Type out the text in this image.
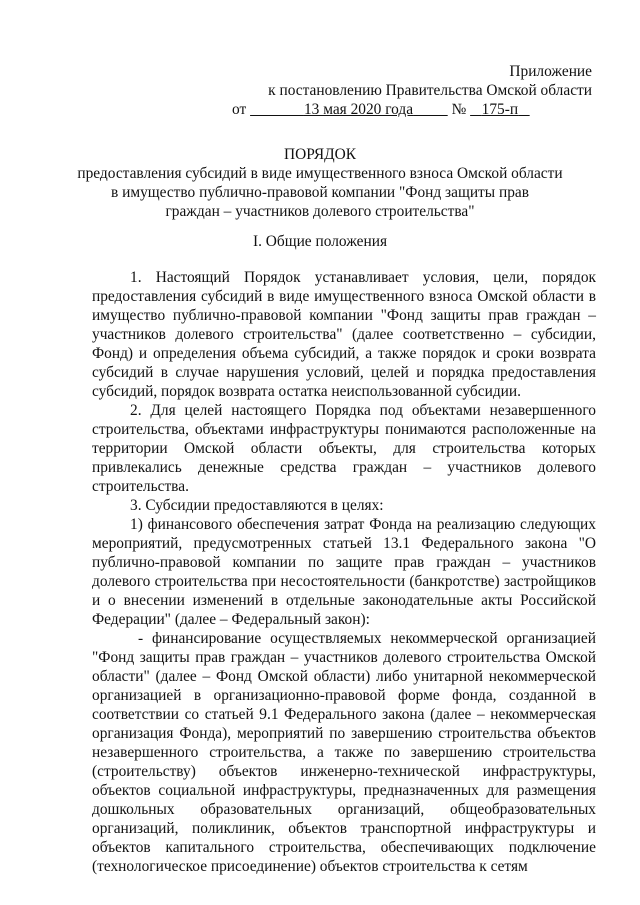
Приложение
к постановлению Правительства Омской области
от	13 мая 2020 года	№ 175-п
ПОРЯДОК
предоставления субсидий в виде имущественного взноса Омской области
в имущество публично-правовой компании "Фонд защиты прав
граждан – участников долевого строительства"
I. Общие положения

1. Настоящий Порядок устанавливает условия, цели, порядок предоставления субсидий в виде имущественного взноса Омской области в имущество публично-правовой компании "Фонд защиты прав граждан – участников долевого строительства" (далее соответственно – субсидии, Фонд) и определения объема субсидий, а также порядок и сроки возврата субсидий в случае нарушения условий, целей и порядка предоставления субсидий, порядок возврата остатка неиспользованной субсидии.

2. Для целей настоящего Порядка под объектами незавершенного строительства, объектами инфраструктуры понимаются расположенные на территории Омской области объекты, для строительства которых привлекались денежные средства граждан – участников долевого строительства.

3. Субсидии предоставляются в целях:

1) финансового обеспечения затрат Фонда на реализацию следующих мероприятий, предусмотренных статьей 13.1 Федерального закона "О публично-правовой компании по защите прав граждан – участников долевого строительства при несостоятельности (банкротстве) застройщиков и о внесении изменений в отдельные законодательные акты Российской Федерации" (далее – Федеральный закон):

- финансирование осуществляемых некоммерческой организацией "Фонд защиты прав граждан – участников долевого строительства Омской области" (далее – Фонд Омской области) либо унитарной некоммерческой организацией в организационно-правовой форме фонда, созданной в соответствии со статьей 9.1 Федерального закона (далее – некоммерческая организация Фонда), мероприятий по завершению строительства объектов незавершенного строительства, а также по завершению строительства (строительству) объектов инженерно-технической инфраструктуры, объектов социальной инфраструктуры, предназначенных для размещения дошкольных образовательных организаций, общеобразовательных организаций, поликлиник, объектов транспортной инфраструктуры и объектов капитального строительства, обеспечивающих подключение (технологическое присоединение) объектов строительства к сетям
